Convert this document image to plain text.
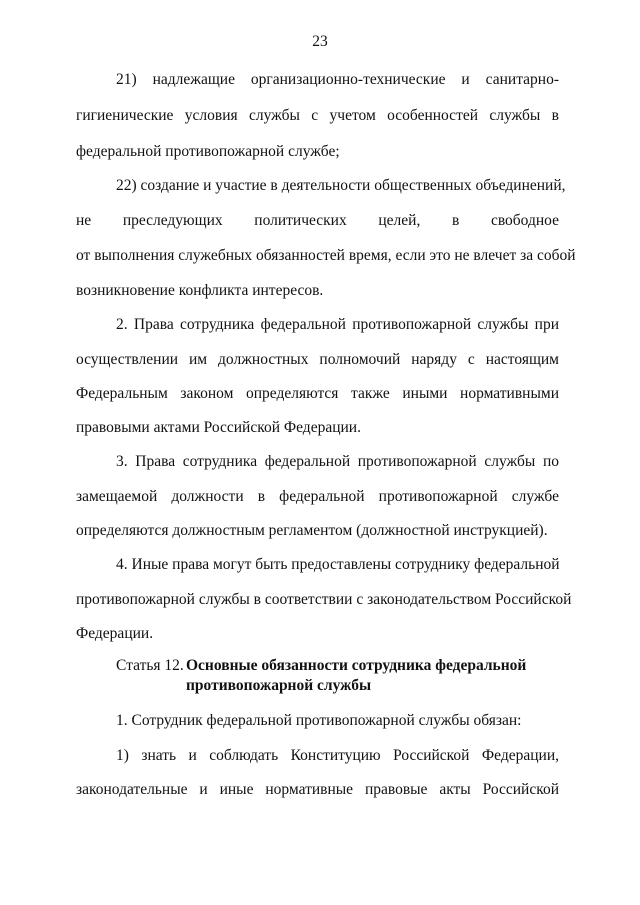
23
21) надлежащие организационно-технические и санитарно-
гигиенические условия службы с учетом особенностей службы в
федеральной противопожарной службе;
22) создание и участие в деятельности общественных объединений,
не преследующих политических целей, в свободное
от выполнения служебных обязанностей время, если это не влечет за собой
возникновение конфликта интересов.
2. Права сотрудника федеральной противопожарной службы при
осуществлении им должностных полномочий наряду с настоящим
Федеральным законом определяются также иными нормативными
правовыми актами Российской Федерации.
3. Права сотрудника федеральной противопожарной службы по
замещаемой должности в федеральной противопожарной службе
определяются должностным регламентом (должностной инструкцией).
4. Иные права могут быть предоставлены сотруднику федеральной
противопожарной службы в соответствии с законодательством Российской
Федерации.
Статья 12. Основные обязанности сотрудника федеральной
противопожарной службы
1. Сотрудник федеральной противопожарной службы обязан:
1) знать и соблюдать Конституцию Российской Федерации,
законодательные и иные нормативные правовые акты Российской
